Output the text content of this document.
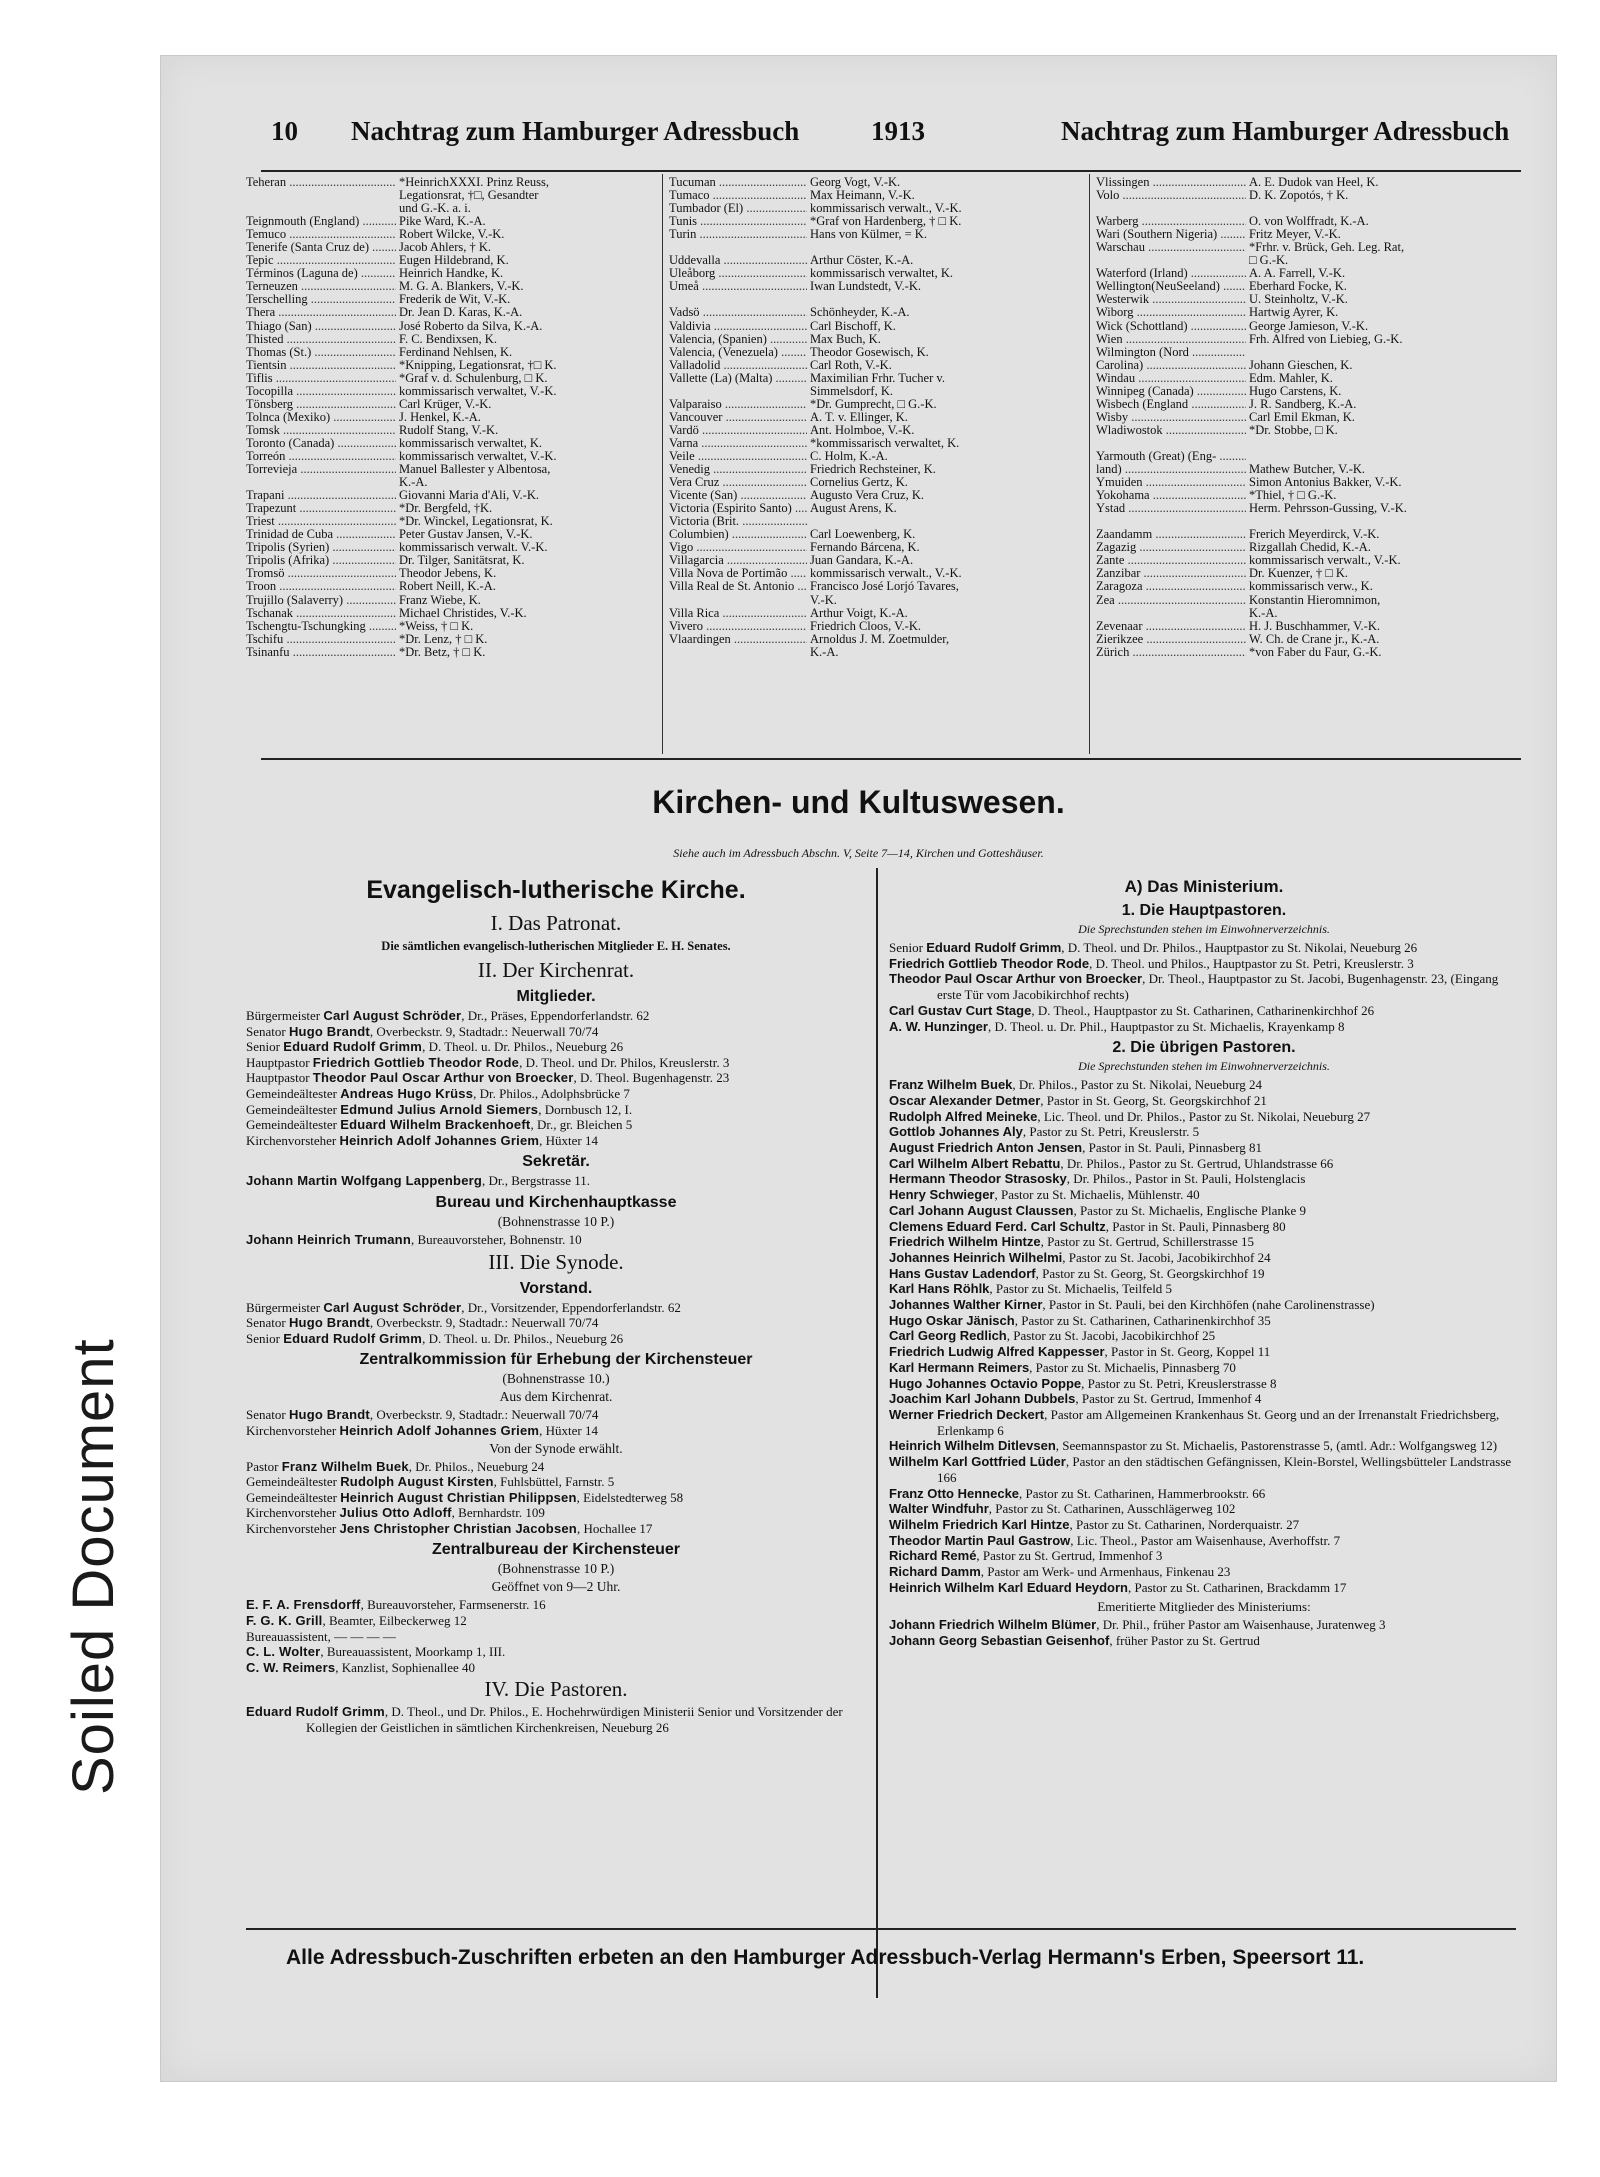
Soiled Document
10 Nachtrag zum Hamburger Adressbuch	1913	Nachtrag zum Hamburger Adressbuch
Teheran .....	*HeinrichXXXI. Prinz Reuss,
Legationsrat, †□, Gesandter
und G.-K. a. i.
Teignmouth (England) .....	Pike Ward, K.-A.
Temuco .....	Robert Wilcke, V.-K.
Tenerife (Santa Cruz de) .....	Jacob Ahlers, † K.
Tepic .....	Eugen Hildebrand, K.
Términos (Laguna de) .....	Heinrich Handke, K.
Terneuzen .....	M. G. A. Blankers, V.-K.
Terschelling .....	Frederik de Wit, V.-K.
Thera .....	Dr. Jean D. Karas, K.-A.
Thiago (San) .....	José Roberto da Silva, K.-A.
Thisted .....	F. C. Bendixsen, K.
Thomas (St.) .....	Ferdinand Nehlsen, K.
Tientsin .....	*Knipping, Legationsrat, †□ K.
Tiflis .....	*Graf v. d. Schulenburg, □ K.
Tocopilla .....	kommissarisch verwaltet, V.-K.
Tönsberg .....	Carl Krüger, V.-K.
Tolnca (Mexiko) .....	J. Henkel, K.-A.
Tomsk .....	Rudolf Stang, V.-K.
Toronto (Canada) .....	kommissarisch verwaltet, K.
Torreón .....	kommissarisch verwaltet, V.-K.
Torrevieja .....	Manuel Ballester y Albentosa,
K.-A.
Trapani .....	Giovanni Maria d'Ali, V.-K.
Trapezunt .....	*Dr. Bergfeld, †K.
Triest .....	*Dr. Winckel, Legationsrat, K.
Trinidad de Cuba .....	Peter Gustav Jansen, V.-K.
Tripolis (Syrien) .....	kommissarisch verwalt. V.-K.
Tripolis (Afrika) .....	Dr. Tilger, Sanitätsrat, K.
Tromsö .....	Theodor Jebens, K.
Troon .....	Robert Neill, K.-A.
Trujillo (Salaverry) .....	Franz Wiebe, K.
Tschanak .....	Michael Christides, V.-K.
Tschengtu-Tschungking .....	*Weiss, † □ K.
Tschifu .....	*Dr. Lenz, † □ K.
Tsinanfu .....	*Dr. Betz, † □ K.
Tucuman .....	Georg Vogt, V.-K.
Tumaco .....	Max Heimann, V.-K.
Tumbador (El) .....	kommissarisch verwalt., V.-K.
Tunis .....	*Graf von Hardenberg, † □ K.
Turin .....	Hans von Külmer, = K.
Uddevalla .....	Arthur Cöster, K.-A.
Uleåborg .....	kommissarisch verwaltet, K.
Umeå .....	Iwan Lundstedt, V.-K.
Vadsö .....	Schönheyder, K.-A.
Valdivia .....	Carl Bischoff, K.
Valencia, (Spanien) .....	Max Buch, K.
Valencia, (Venezuela) .....	Theodor Gosewisch, K.
Valladolid .....	Carl Roth, V.-K.
Vallette (La) (Malta) .....	Maximilian Frhr. Tucher v.
Simmelsdorf, K.
Valparaiso .....	*Dr. Gumprecht, □ G.-K.
Vancouver .....	A. T. v. Ellinger, K.
Vardö .....	Ant. Holmboe, V.-K.
Varna .....	*kommissarisch verwaltet, K.
Veile .....	C. Holm, K.-A.
Venedig .....	Friedrich Rechsteiner, K.
Vera Cruz .....	Cornelius Gertz, K.
Vicente (San) .....	Augusto Vera Cruz, K.
Victoria (Espirito Santo) .....	August Arens, K.
Victoria (Brit. .....
Columbien) .....	Carl Loewenberg, K.
Vigo .....	Fernando Bárcena, K.
Villagarcia .....	Juan Gandara, K.-A.
Villa Nova de Portimão .....	kommissarisch verwalt., V.-K.
Villa Real de St. Antonio .....	Francisco José Lorjó Tavares,
V.-K.
Villa Rica .....	Arthur Voigt, K.-A.
Vivero .....	Friedrich Cloos, V.-K.
Vlaardingen .....	Arnoldus J. M. Zoetmulder,
K.-A.
Vlissingen .....	A. E. Dudok van Heel, K.
Volo .....	D. K. Zopotós, † K.
Warberg .....	O. von Wolffradt, K.-A.
Wari (Southern Nigeria) .....	Fritz Meyer, V.-K.
Warschau .....	*Frhr. v. Brück, Geh. Leg. Rat,
□ G.-K.
Waterford (Irland) .....	A. A. Farrell, V.-K.
Wellington(NeuSeeland) .....	Eberhard Focke, K.
Westerwik .....	U. Steinholtz, V.-K.
Wiborg .....	Hartwig Ayrer, K.
Wick (Schottland) .....	George Jamieson, V.-K.
Wien .....	Frh. Alfred von Liebieg, G.-K.
Wilmington (Nord .....
Carolina) .....	Johann Gieschen, K.
Windau .....	Edm. Mahler, K.
Winnipeg (Canada) .....	Hugo Carstens, K.
Wisbech (England .....	J. R. Sandberg, K.-A.
Wisby .....	Carl Emil Ekman, K.
Wladiwostok .....	*Dr. Stobbe, □ K.
Yarmouth (Great) (Eng- .....
land) .....	Mathew Butcher, V.-K.
Ymuiden .....	Simon Antonius Bakker, V.-K.
Yokohama .....	*Thiel, † □ G.-K.
Ystad .....	Herm. Pehrsson-Gussing, V.-K.
Zaandamm .....	Frerich Meyerdirck, V.-K.
Zagazig .....	Rizgallah Chedid, K.-A.
Zante .....	kommissarisch verwalt., V.-K.
Zanzibar .....	Dr. Kuenzer, † □ K.
Zaragoza .....	kommissarisch verw., K.
Zea .....	Konstantin Hieromnimon,
K.-A.
Zevenaar .....	H. J. Buschhammer, V.-K.
Zierikzee .....	W. Ch. de Crane jr., K.-A.
Zürich .....	*von Faber du Faur, G.-K.
Kirchen- und Kultuswesen.
Siehe auch im Adressbuch Abschn. V, Seite 7—14, Kirchen und Gotteshäuser.
Evangelisch-lutherische Kirche.
I. Das Patronat.
Die sämtlichen evangelisch-lutherischen Mitglieder E. H. Senates.
II. Der Kirchenrat.
Mitglieder.
Bürgermeister Carl August Schröder, Dr., Präses, Eppendorferlandstr. 62
Senator Hugo Brandt, Overbeckstr. 9, Stadtadr.: Neuerwall 70/74
Senior Eduard Rudolf Grimm, D. Theol. u. Dr. Philos., Neueburg 26
Hauptpastor Friedrich Gottlieb Theodor Rode, D. Theol. und Dr. Philos, Kreuslerstr. 3
Hauptpastor Theodor Paul Oscar Arthur von Broecker, D. Theol. Bugenhagenstr. 23
Gemeindeältester Andreas Hugo Krüss, Dr. Philos., Adolphsbrücke 7
Gemeindeältester Edmund Julius Arnold Siemers, Dornbusch 12, I.
Gemeindeältester Eduard Wilhelm Brackenhoeft, Dr., gr. Bleichen 5
Kirchenvorsteher Heinrich Adolf Johannes Griem, Hüxter 14
Sekretär.
Johann Martin Wolfgang Lappenberg, Dr., Bergstrasse 11.
Bureau und Kirchenhauptkasse
(Bohnenstrasse 10 P.)
Johann Heinrich Trumann, Bureauvorsteher, Bohnenstr. 10
III. Die Synode.
Vorstand.
Bürgermeister Carl August Schröder, Dr., Vorsitzender, Eppendorferlandstr. 62
Senator Hugo Brandt, Overbeckstr. 9, Stadtadr.: Neuerwall 70/74
Senior Eduard Rudolf Grimm, D. Theol. u. Dr. Philos., Neueburg 26
Zentralkommission für Erhebung der Kirchensteuer
(Bohnenstrasse 10.)
Aus dem Kirchenrat.
Senator Hugo Brandt, Overbeckstr. 9, Stadtadr.: Neuerwall 70/74
Kirchenvorsteher Heinrich Adolf Johannes Griem, Hüxter 14
Von der Synode erwählt.
Pastor Franz Wilhelm Buek, Dr. Philos., Neueburg 24
Gemeindeältester Rudolph August Kirsten, Fuhlsbüttel, Farnstr. 5
Gemeindeältester Heinrich August Christian Philippsen, Eidelstedterweg 58
Kirchenvorsteher Julius Otto Adloff, Bernhardstr. 109
Kirchenvorsteher Jens Christopher Christian Jacobsen, Hochallee 17
Zentralbureau der Kirchensteuer
(Bohnenstrasse 10 P.)
Geöffnet von 9—2 Uhr.
E. F. A. Frensdorff, Bureauvorsteher, Farmsenerstr. 16
F. G. K. Grill, Beamter, Eilbeckerweg 12
Bureauassistent, — — — —
C. L. Wolter, Bureauassistent, Moorkamp 1, III.
C. W. Reimers, Kanzlist, Sophienallee 40
IV. Die Pastoren.
Eduard Rudolf Grimm, D. Theol., und Dr. Philos., E. Hochehrwürdigen Ministerii Senior und Vorsitzender der Kollegien der Geistlichen in sämtlichen Kirchenkreisen, Neueburg 26
A) Das Ministerium.
1. Die Hauptpastoren.
Die Sprechstunden stehen im Einwohnerverzeichnis.
Senior Eduard Rudolf Grimm, D. Theol. und Dr. Philos., Hauptpastor zu St. Nikolai, Neueburg 26
Friedrich Gottlieb Theodor Rode, D. Theol. und Philos., Hauptpastor zu St. Petri, Kreuslerstr. 3
Theodor Paul Oscar Arthur von Broecker, Dr. Theol., Hauptpastor zu St. Jacobi, Bugenhagenstr. 23, (Eingang erste Tür vom Jacobikirchhof rechts)
Carl Gustav Curt Stage, D. Theol., Hauptpastor zu St. Catharinen, Catharinenkirchhof 26
A. W. Hunzinger, D. Theol. u. Dr. Phil., Hauptpastor zu St. Michaelis, Krayenkamp 8
2. Die übrigen Pastoren.
Die Sprechstunden stehen im Einwohnerverzeichnis.
Franz Wilhelm Buek, Dr. Philos., Pastor zu St. Nikolai, Neueburg 24
Oscar Alexander Detmer, Pastor in St. Georg, St. Georgskirchhof 21
Rudolph Alfred Meineke, Lic. Theol. und Dr. Philos., Pastor zu St. Nikolai, Neueburg 27
Gottlob Johannes Aly, Pastor zu St. Petri, Kreuslerstr. 5
August Friedrich Anton Jensen, Pastor in St. Pauli, Pinnasberg 81
Carl Wilhelm Albert Rebattu, Dr. Philos., Pastor zu St. Gertrud, Uhlandstrasse 66
Hermann Theodor Strasosky, Dr. Philos., Pastor in St. Pauli, Holstenglacis
Henry Schwieger, Pastor zu St. Michaelis, Mühlenstr. 40
Carl Johann August Claussen, Pastor zu St. Michaelis, Englische Planke 9
Clemens Eduard Ferd. Carl Schultz, Pastor in St. Pauli, Pinnasberg 80
Friedrich Wilhelm Hintze, Pastor zu St. Gertrud, Schillerstrasse 15
Johannes Heinrich Wilhelmi, Pastor zu St. Jacobi, Jacobikirchhof 24
Hans Gustav Ladendorf, Pastor zu St. Georg, St. Georgskirchhof 19
Karl Hans Röhlk, Pastor zu St. Michaelis, Teilfeld 5
Johannes Walther Kirner, Pastor in St. Pauli, bei den Kirchhöfen (nahe Carolinenstrasse)
Hugo Oskar Jänisch, Pastor zu St. Catharinen, Catharinenkirchhof 35
Carl Georg Redlich, Pastor zu St. Jacobi, Jacobikirchhof 25
Friedrich Ludwig Alfred Kappesser, Pastor in St. Georg, Koppel 11
Karl Hermann Reimers, Pastor zu St. Michaelis, Pinnasberg 70
Hugo Johannes Octavio Poppe, Pastor zu St. Petri, Kreuslerstrasse 8
Joachim Karl Johann Dubbels, Pastor zu St. Gertrud, Immenhof 4
Werner Friedrich Deckert, Pastor am Allgemeinen Krankenhaus St. Georg und an der Irrenanstalt Friedrichsberg, Erlenkamp 6
Heinrich Wilhelm Ditlevsen, Seemannspastor zu St. Michaelis, Pastorenstrasse 5, (amtl. Adr.: Wolfgangsweg 12)
Wilhelm Karl Gottfried Lüder, Pastor an den städtischen Gefängnissen, Klein-Borstel, Wellingsbütteler Landstrasse 166
Franz Otto Hennecke, Pastor zu St. Catharinen, Hammerbrookstr. 66
Walter Windfuhr, Pastor zu St. Catharinen, Ausschlägerweg 102
Wilhelm Friedrich Karl Hintze, Pastor zu St. Catharinen, Norderquaistr. 27
Theodor Martin Paul Gastrow, Lic. Theol., Pastor am Waisenhause, Averhoffstr. 7
Richard Remé, Pastor zu St. Gertrud, Immenhof 3
Richard Damm, Pastor am Werk- und Armenhaus, Finkenau 23
Heinrich Wilhelm Karl Eduard Heydorn, Pastor zu St. Catharinen, Brackdamm 17
Emeritierte Mitglieder des Ministeriums:
Johann Friedrich Wilhelm Blümer, Dr. Phil., früher Pastor am Waisenhause, Juratenweg 3
Johann Georg Sebastian Geisenhof, früher Pastor zu St. Gertrud
Alle Adressbuch-Zuschriften erbeten an den Hamburger Adressbuch-Verlag Hermann's Erben, Speersort 11.
